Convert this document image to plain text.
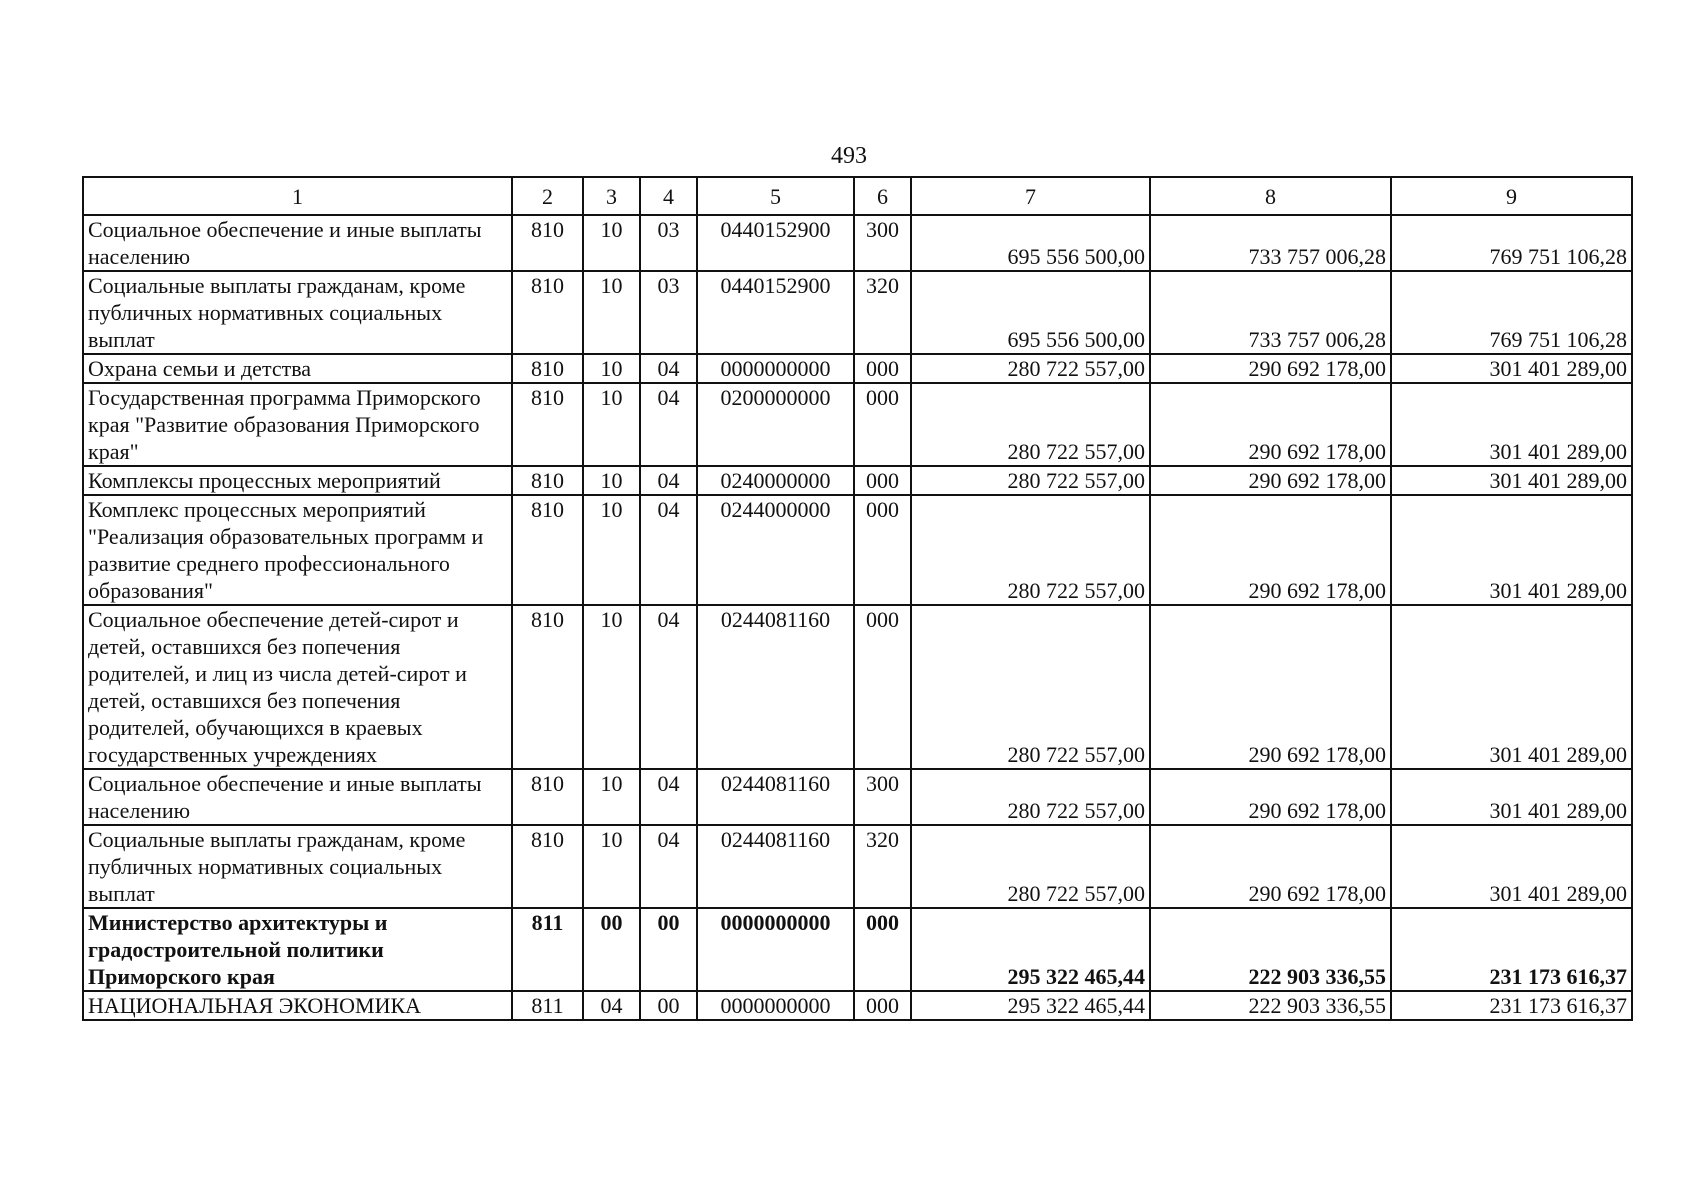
493
1	2	3	4	5	6	7	8	9
Социальное обеспечение и иные выплаты населению	810	10	03	0440152900	300	695 556 500,00	733 757 006,28	769 751 106,28
Социальные выплаты гражданам, кроме публичных нормативных социальных выплат	810	10	03	0440152900	320	695 556 500,00	733 757 006,28	769 751 106,28
Охрана семьи и детства	810	10	04	0000000000	000	280 722 557,00	290 692 178,00	301 401 289,00
Государственная программа Приморского края "Развитие образования Приморского края"	810	10	04	0200000000	000	280 722 557,00	290 692 178,00	301 401 289,00
Комплексы процессных мероприятий	810	10	04	0240000000	000	280 722 557,00	290 692 178,00	301 401 289,00
Комплекс процессных мероприятий "Реализация образовательных программ и развитие среднего профессионального образования"	810	10	04	0244000000	000	280 722 557,00	290 692 178,00	301 401 289,00
Социальное обеспечение детей-сирот и детей, оставшихся без попечения родителей, и лиц из числа детей-сирот и детей, оставшихся без попечения родителей, обучающихся в краевых государственных учреждениях	810	10	04	0244081160	000	280 722 557,00	290 692 178,00	301 401 289,00
Социальное обеспечение и иные выплаты населению	810	10	04	0244081160	300	280 722 557,00	290 692 178,00	301 401 289,00
Социальные выплаты гражданам, кроме публичных нормативных социальных выплат	810	10	04	0244081160	320	280 722 557,00	290 692 178,00	301 401 289,00
Министерство архитектуры и градостроительной политики Приморского края	811	00	00	0000000000	000	295 322 465,44	222 903 336,55	231 173 616,37
НАЦИОНАЛЬНАЯ ЭКОНОМИКА	811	04	00	0000000000	000	295 322 465,44	222 903 336,55	231 173 616,37
